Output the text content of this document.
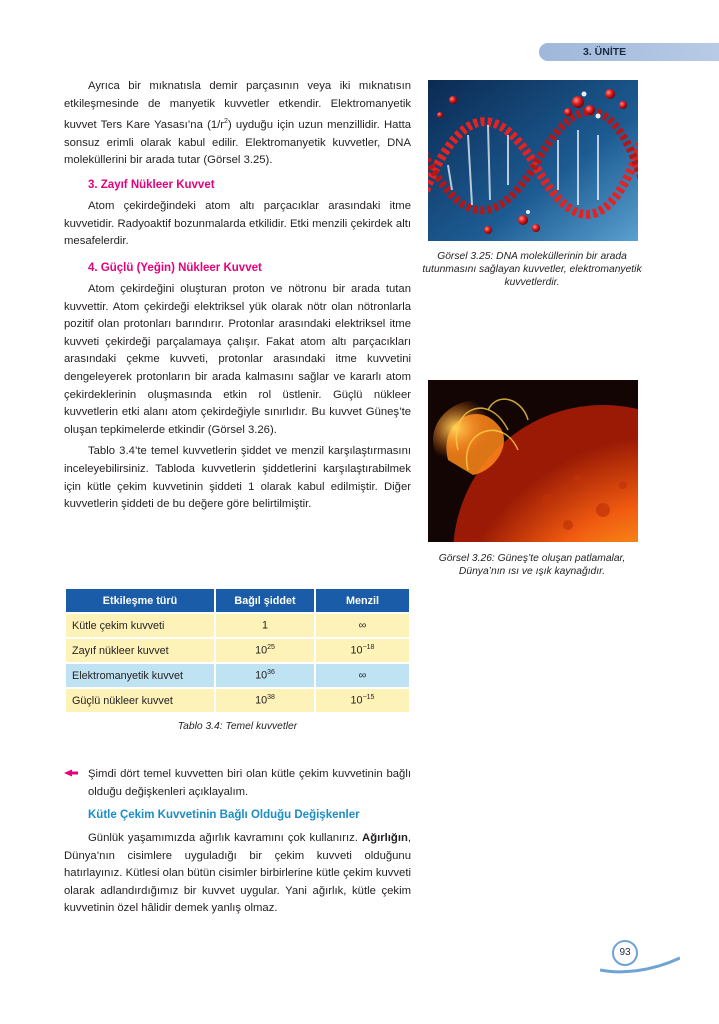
3. ÜNİTE

Ayrıca bir mıknatısla demir parçasının veya iki mıknatısın etkileşmesinde de manyetik kuvvetler etkendir. Elektromanyetik kuvvet Ters Kare Yasası’na $(1/r^2)$ uyduğu için uzun menzillidir. Hatta sonsuz erimli olarak kabul edilir. Elektromanyetik kuvvetler, DNA moleküllerini bir arada tutar (Görsel 3.25).

3. Zayıf Nükleer Kuvvet

Atom çekirdeğindeki atom altı parçacıklar arasındaki itme kuvvetidir. Radyoaktif bozunmalarda etkilidir. Etki menzili çekirdek altı mesafelerdir.

4. Güçlü (Yeğin) Nükleer Kuvvet

Atom çekirdeğini oluşturan proton ve nötronu bir arada tutan kuvvettir. Atom çekirdeği elektriksel yük olarak nötr olan nötronlarla pozitif olan protonları barındırır. Protonlar arasındaki elektriksel itme kuvveti çekirdeği parçalamaya çalışır. Fakat atom altı parçacıkları arasındaki çekme kuvveti, protonlar arasındaki itme kuvvetini dengeleyerek protonların bir arada kalmasını sağlar ve kararlı atom çekirdeklerinin oluşmasında etkin rol üstlenir. Güçlü nükleer kuvvetlerin etki alanı atom çekirdeğiyle sınırlıdır. Bu kuvvet Güneş’te oluşan tepkimelerde etkindir (Görsel 3.26).

Tablo 3.4’te temel kuvvetlerin şiddet ve menzil karşılaştırmasını inceleyebilirsiniz. Tabloda kuvvetlerin şiddetlerini karşılaştırabilmek için kütle çekim kuvvetinin şiddeti 1 olarak kabul edilmiştir. Diğer kuvvetlerin şiddeti de bu değere göre belirtilmiştir.

Etkileşme türü	Bağıl şiddet	Menzil
Kütle çekim kuvveti	1	∞
Zayıf nükleer kuvvet	$10^{25}$	$10^{-18}$
Elektromanyetik kuvvet	$10^{36}$	∞
Güçlü nükleer kuvvet	$10^{38}$	$10^{-15}$
Tablo 3.4: Temel kuvvetler
Görsel 3.25: DNA moleküllerinin bir arada tutunmasını sağlayan kuvvetler, elektromanyetik kuvvetlerdir.
Görsel 3.26: Güneş’te oluşan patlamalar, Dünya’nın ısı ve ışık kaynağıdır.

Şimdi dört temel kuvvetten biri olan kütle çekim kuvvetinin bağlı olduğu değişkenleri açıklayalım.

Kütle Çekim Kuvvetinin Bağlı Olduğu Değişkenler

Günlük yaşamımızda ağırlık kavramını çok kullanırız. Ağırlığın, Dünya’nın cisimlere uyguladığı bir çekim kuvveti olduğunu hatırlayınız. Kütlesi olan bütün cisimler birbirlerine kütle çekim kuvveti olarak adlandırdığımız bir kuvvet uygular. Yani ağırlık, kütle çekim kuvvetinin özel hâlidir demek yanlış olmaz.

93
